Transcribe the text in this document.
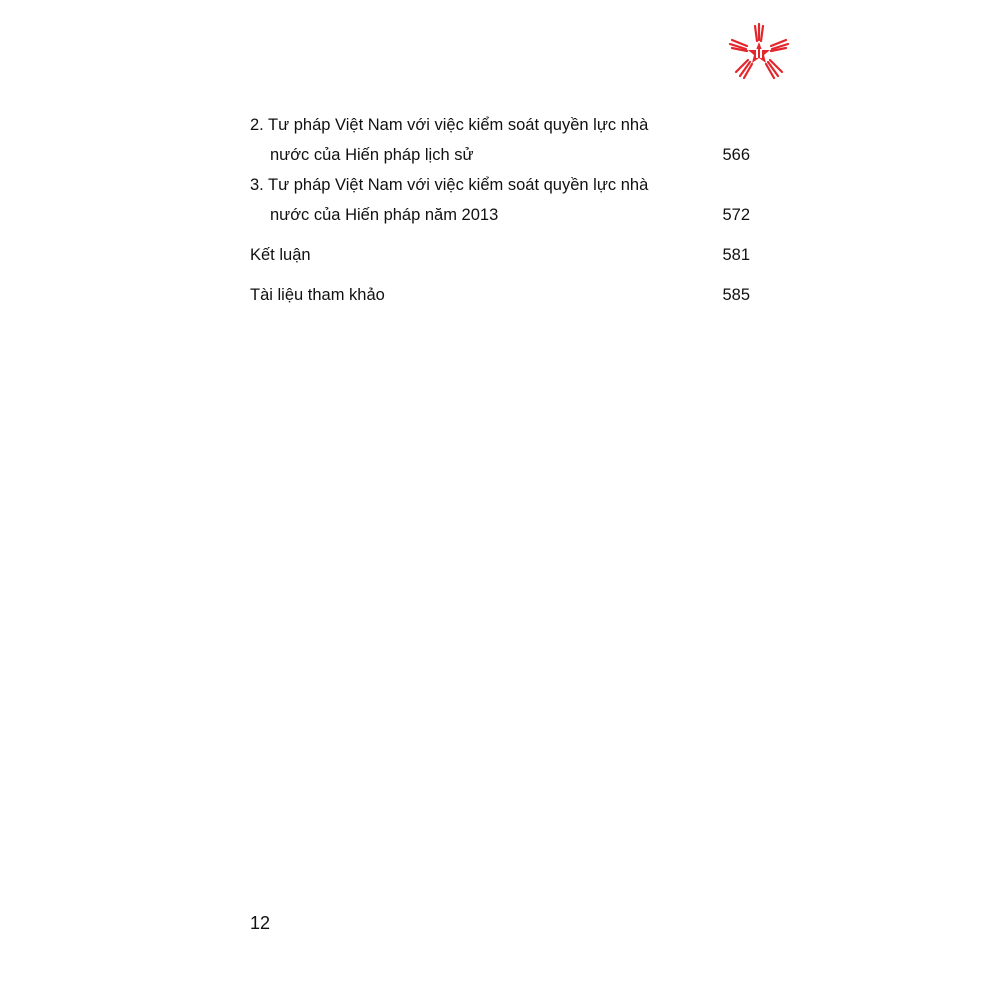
2. Tư pháp Việt Nam với việc kiểm soát quyền lực nhà
nước của Hiến pháp lịch sử	566
3. Tư pháp Việt Nam với việc kiểm soát quyền lực nhà
nước của Hiến pháp năm 2013	572
Kết luận	581
Tài liệu tham khảo	585
12
